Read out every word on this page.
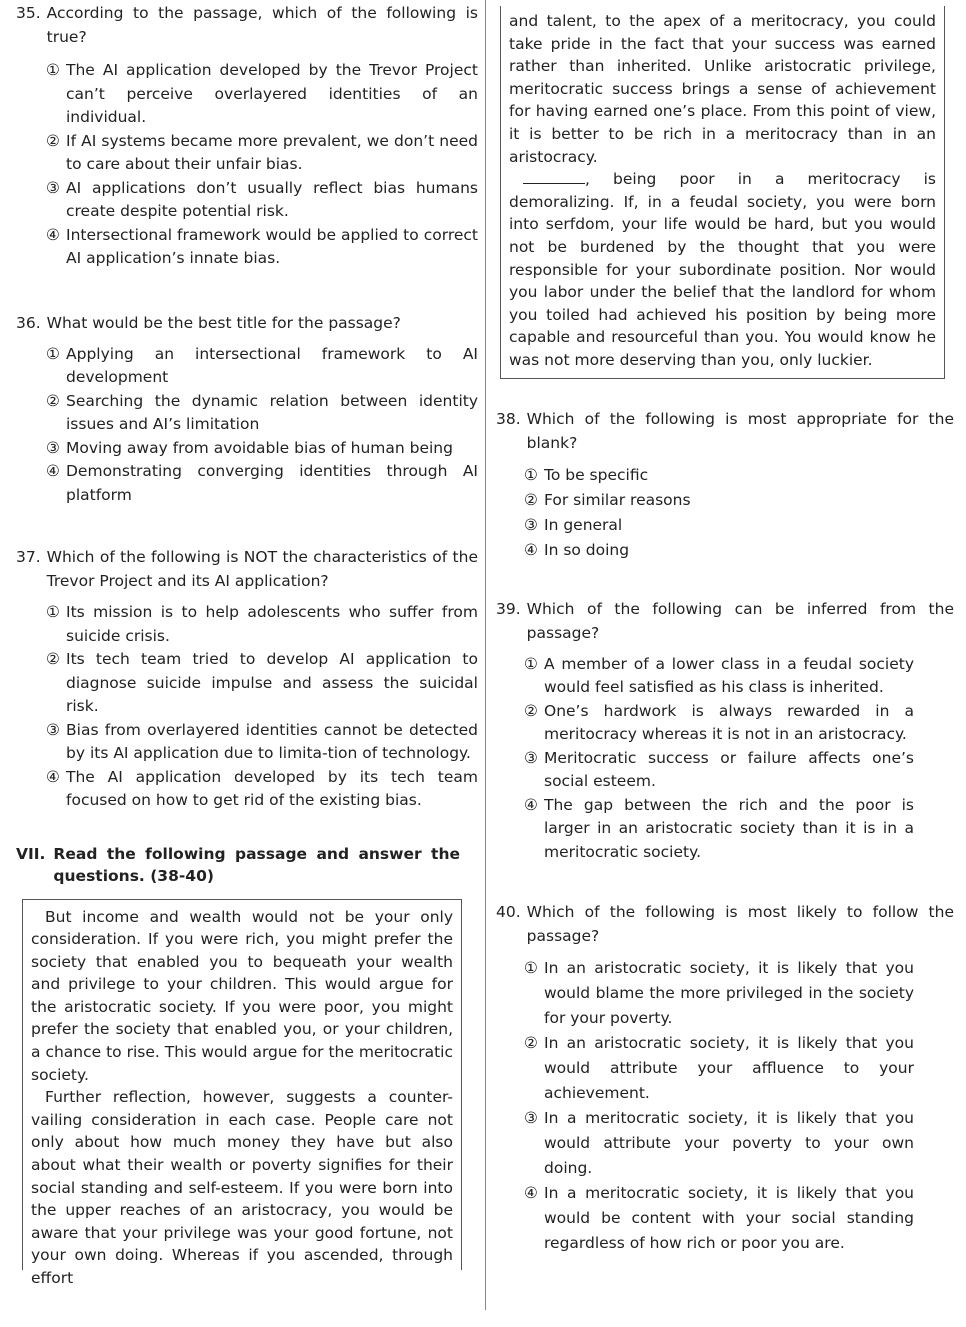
35. According to the passage, which of the following is true?
① The AI application developed by the Trevor Project can’t perceive overlayered identities of an individual.
② If AI systems became more prevalent, we don’t need to care about their unfair bias.
③ AI applications don’t usually reflect bias humans create despite potential risk.
④ Intersectional framework would be applied to correct AI application’s innate bias.
36. What would be the best title for the passage?
① Applying an intersectional framework to AI development
② Searching the dynamic relation between identity issues and AI’s limitation
③ Moving away from avoidable bias of human being
④ Demonstrating converging identities through AI platform
37. Which of the following is NOT the characteristics of the Trevor Project and its AI application?
① Its mission is to help adolescents who suffer from suicide crisis.
② Its tech team tried to develop AI application to diagnose suicide impulse and assess the suicidal risk.
③ Bias from overlayered identities cannot be detected by its AI application due to limita-tion of technology.
④ The AI application developed by its tech team focused on how to get rid of the existing bias.
VII. Read the following passage and answer the questions. (38-40)

But income and wealth would not be your only consideration. If you were rich, you might prefer the society that enabled you to bequeath your wealth and privilege to your children. This would argue for the aristocratic society. If you were poor, you might prefer the society that enabled you, or your children, a chance to rise. This would argue for the meritocratic society.

Further reflection, however, suggests a counter-vailing consideration in each case. People care not only about how much money they have but also about what their wealth or poverty signifies for their social standing and self-esteem. If you were born into the upper reaches of an aristocracy, you would be aware that your privilege was your good fortune, not your own doing. Whereas if you ascended, through effort

and talent, to the apex of a meritocracy, you could take pride in the fact that your success was earned rather than inherited. Unlike aristocratic privilege, meritocratic success brings a sense of achievement for having earned one’s place. From this point of view, it is better to be rich in a meritocracy than in an aristocracy.

, being poor in a meritocracy is demoralizing. If, in a feudal society, you were born into serfdom, your life would be hard, but you would not be burdened by the thought that you were responsible for your subordinate position. Nor would you labor under the belief that the landlord for whom you toiled had achieved his position by being more capable and resourceful than you. You would know he was not more deserving than you, only luckier.

38. Which of the following is most appropriate for the blank?
① To be specific
② For similar reasons
③ In general
④ In so doing
39. Which of the following can be inferred from the passage?
① A member of a lower class in a feudal society would feel satisfied as his class is inherited.
② One’s hardwork is always rewarded in a meritocracy whereas it is not in an aristocracy.
③ Meritocratic success or failure affects one’s social esteem.
④ The gap between the rich and the poor is larger in an aristocratic society than it is in a meritocratic society.
40. Which of the following is most likely to follow the passage?
① In an aristocratic society, it is likely that you would blame the more privileged in the society for your poverty.
② In an aristocratic society, it is likely that you would attribute your affluence to your achievement.
③ In a meritocratic society, it is likely that you would attribute your poverty to your own doing.
④ In a meritocratic society, it is likely that you would be content with your social standing regardless of how rich or poor you are.
